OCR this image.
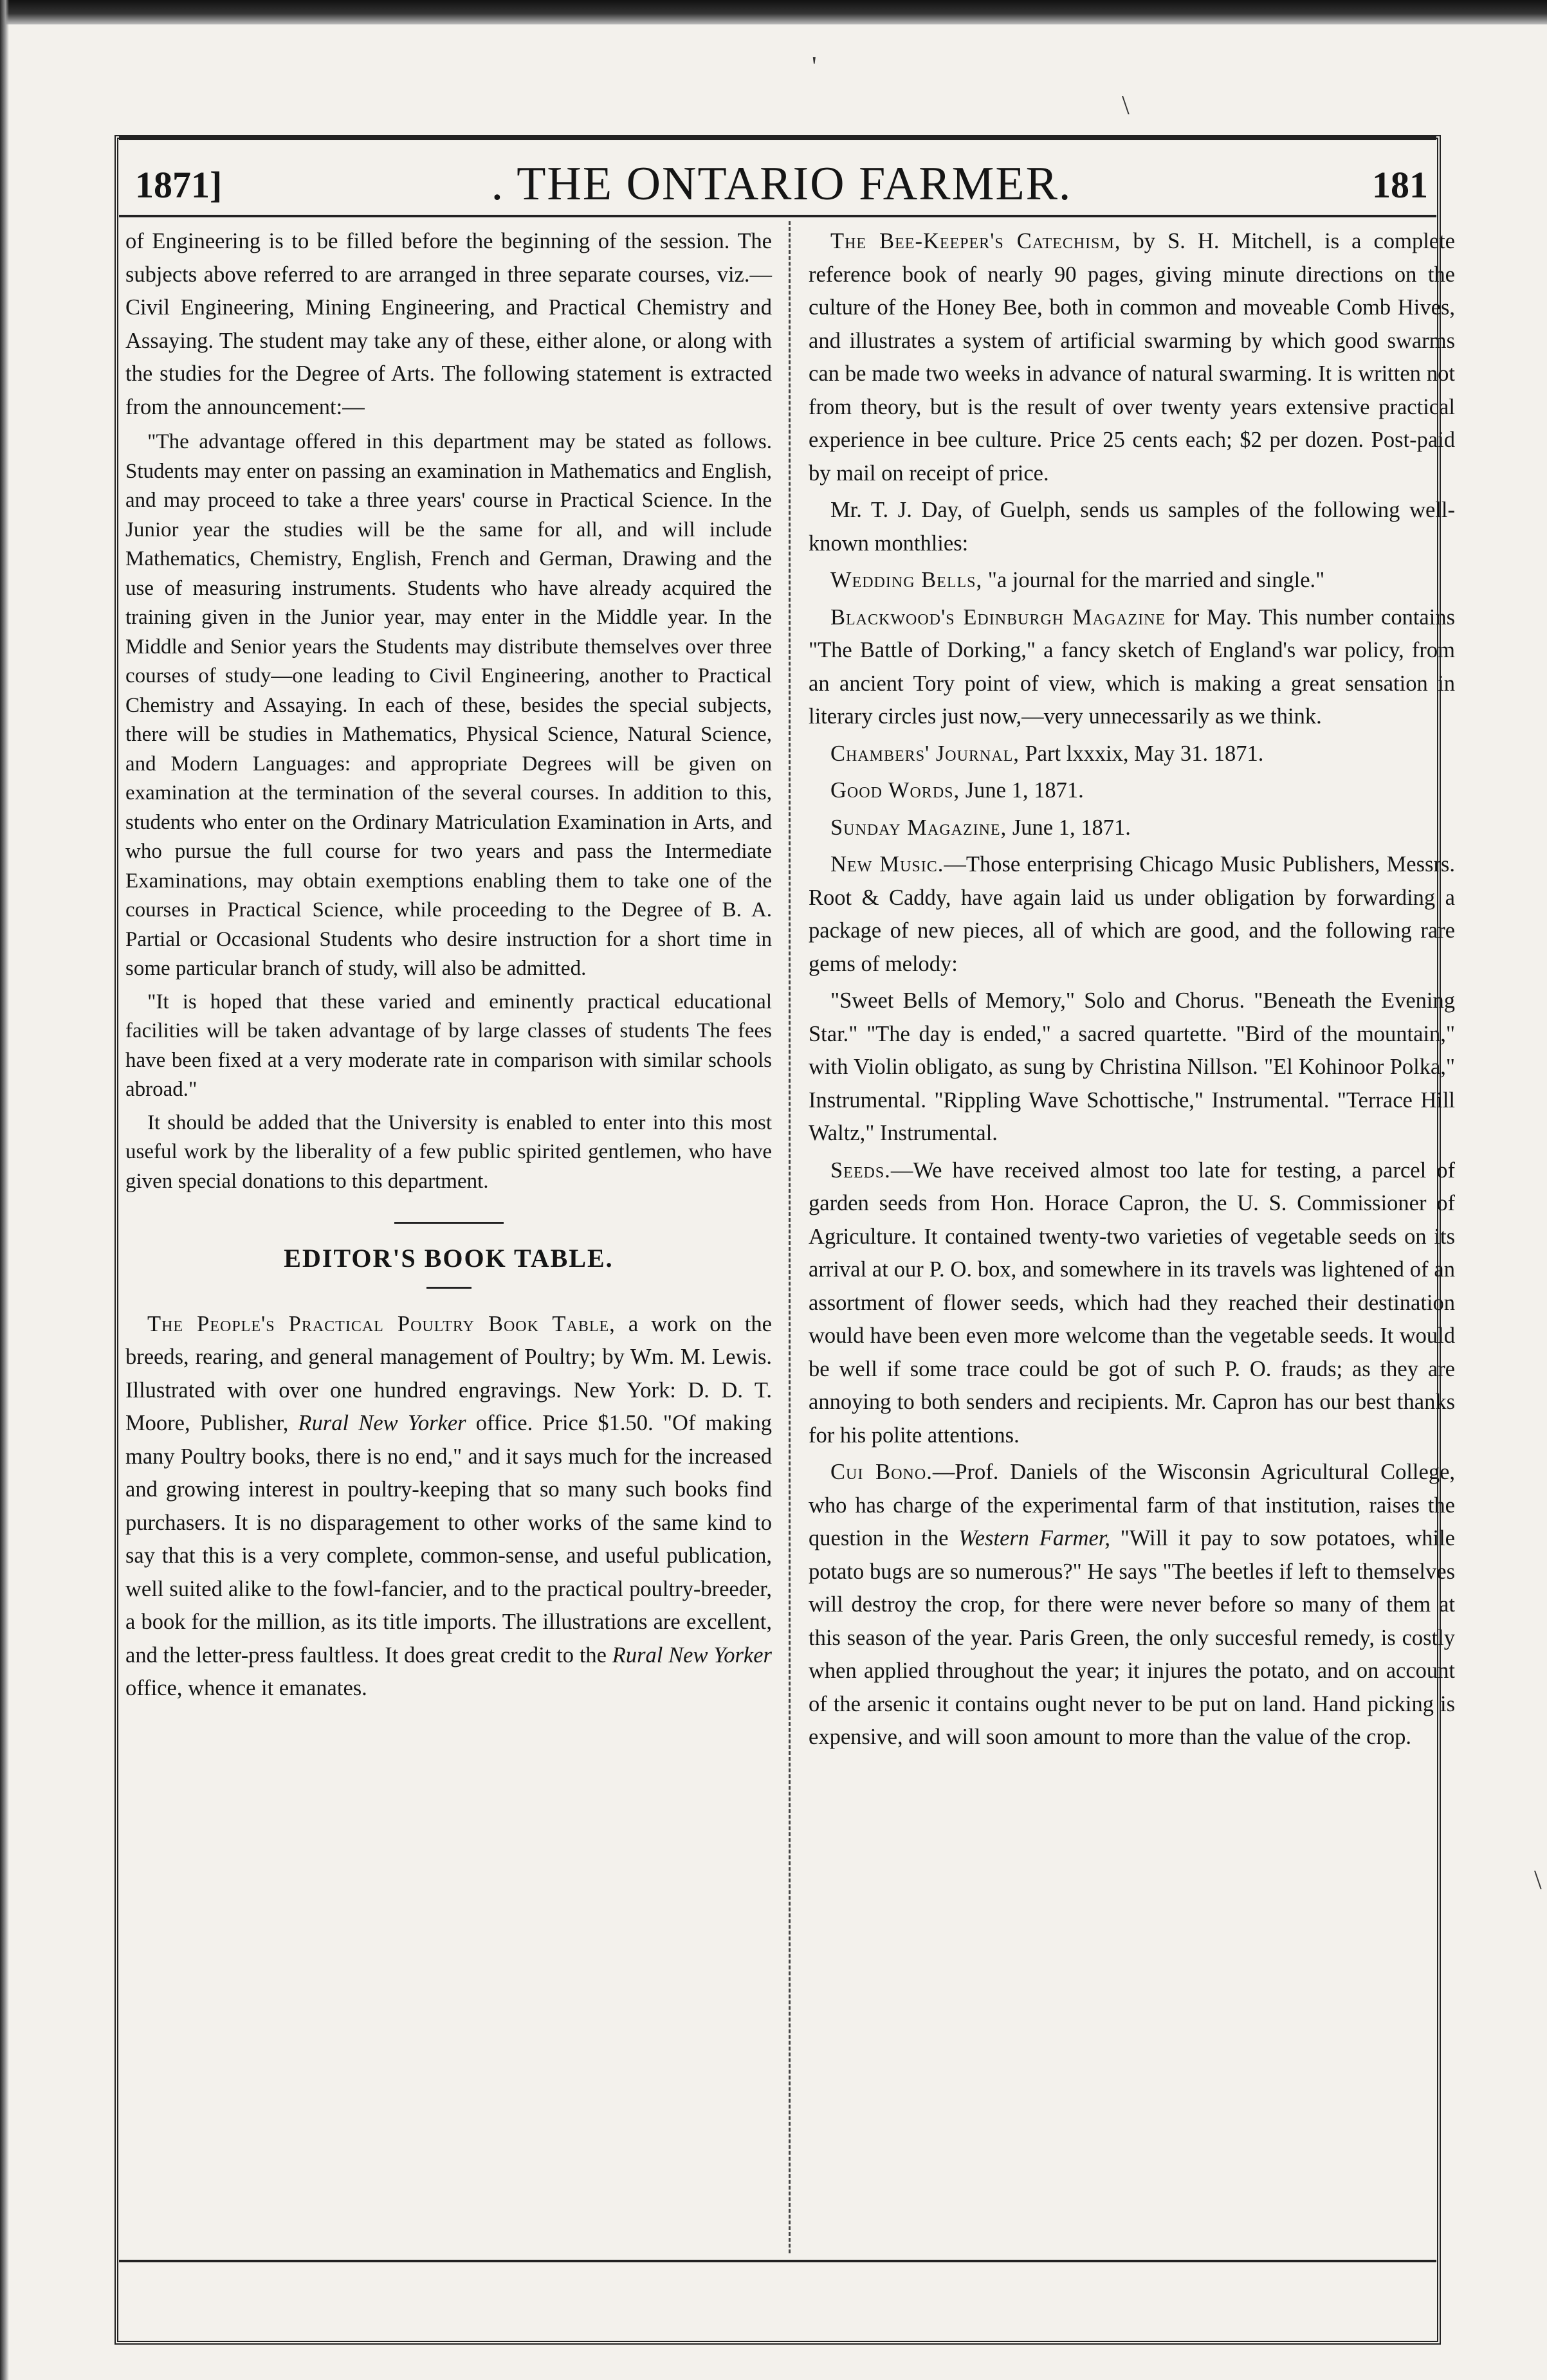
'
\
\
1871]	. THE ONTARIO FARMER.	181

of Engineering is to be filled before the beginning of the session. The subjects above referred to are arranged in three separate courses, viz.—Civil Engineering, Mining Engineering, and Practical Chemistry and Assaying. The student may take any of these, either alone, or along with the studies for the Degree of Arts. The following statement is extracted from the announcement:—

"The advantage offered in this department may be stated as follows. Students may enter on passing an examination in Mathematics and English, and may proceed to take a three years' course in Practical Science. In the Junior year the studies will be the same for all, and will include Mathematics, Chemistry, English, French and German, Drawing and the use of measuring instruments. Students who have already acquired the training given in the Junior year, may enter in the Middle year. In the Middle and Senior years the Students may distribute themselves over three courses of study—one leading to Civil Engineering, another to Practical Chemistry and Assaying. In each of these, besides the special subjects, there will be studies in Mathematics, Physical Science, Natural Science, and Modern Languages: and appropriate Degrees will be given on examination at the termination of the several courses. In addition to this, students who enter on the Ordinary Matriculation Examination in Arts, and who pursue the full course for two years and pass the Intermediate Examinations, may obtain exemptions enabling them to take one of the courses in Practical Science, while proceeding to the Degree of B. A. Partial or Occasional Students who desire instruction for a short time in some particular branch of study, will also be admitted.

"It is hoped that these varied and eminently practical educational facilities will be taken advantage of by large classes of students The fees have been fixed at a very moderate rate in comparison with similar schools abroad."

It should be added that the University is enabled to enter into this most useful work by the liberality of a few public spirited gentlemen, who have given special donations to this department.

EDITOR'S BOOK TABLE.

The People's Practical Poultry Book Table, a work on the breeds, rearing, and general management of Poultry; by Wm. M. Lewis. Illustrated with over one hundred engravings. New York: D. D. T. Moore, Publisher, Rural New Yorker office. Price $1.50. "Of making many Poultry books, there is no end," and it says much for the increased and growing interest in poultry-keeping that so many such books find purchasers. It is no disparagement to other works of the same kind to say that this is a very complete, common-sense, and useful publication, well suited alike to the fowl-fancier, and to the practical poultry-breeder, a book for the million, as its title imports. The illustrations are excellent, and the letter-press faultless. It does great credit to the Rural New Yorker office, whence it emanates.

The Bee-Keeper's Catechism, by S. H. Mitchell, is a complete reference book of nearly 90 pages, giving minute directions on the culture of the Honey Bee, both in common and moveable Comb Hives, and illustrates a system of artificial swarming by which good swarms can be made two weeks in advance of natural swarming. It is written not from theory, but is the result of over twenty years extensive practical experience in bee culture. Price 25 cents each; $2 per dozen. Post-paid by mail on receipt of price.

Mr. T. J. Day, of Guelph, sends us samples of the following well-known monthlies:

Wedding Bells, "a journal for the married and single."

Blackwood's Edinburgh Magazine for May. This number contains "The Battle of Dorking," a fancy sketch of England's war policy, from an ancient Tory point of view, which is making a great sensation in literary circles just now,—very unnecessarily as we think.

Chambers' Journal, Part lxxxix, May 31. 1871.

Good Words, June 1, 1871.

Sunday Magazine, June 1, 1871.

New Music.—Those enterprising Chicago Music Publishers, Messrs. Root & Caddy, have again laid us under obligation by forwarding a package of new pieces, all of which are good, and the following rare gems of melody:

"Sweet Bells of Memory," Solo and Chorus. "Beneath the Evening Star." "The day is ended," a sacred quartette. "Bird of the mountain," with Violin obligato, as sung by Christina Nillson. "El Kohinoor Polka," Instrumental. "Rippling Wave Schottische," Instrumental. "Terrace Hill Waltz," Instrumental.

Seeds.—We have received almost too late for testing, a parcel of garden seeds from Hon. Horace Capron, the U. S. Commissioner of Agriculture. It contained twenty-two varieties of vegetable seeds on its arrival at our P. O. box, and somewhere in its travels was lightened of an assortment of flower seeds, which had they reached their destination would have been even more welcome than the vegetable seeds. It would be well if some trace could be got of such P. O. frauds; as they are annoying to both senders and recipients. Mr. Capron has our best thanks for his polite attentions.

Cui Bono.—Prof. Daniels of the Wisconsin Agricultural College, who has charge of the experimental farm of that institution, raises the question in the Western Farmer, "Will it pay to sow potatoes, while potato bugs are so numerous?" He says "The beetles if left to themselves will destroy the crop, for there were never before so many of them at this season of the year. Paris Green, the only succesful remedy, is costly when applied throughout the year; it injures the potato, and on account of the arsenic it contains ought never to be put on land. Hand picking is expensive, and will soon amount to more than the value of the crop.
